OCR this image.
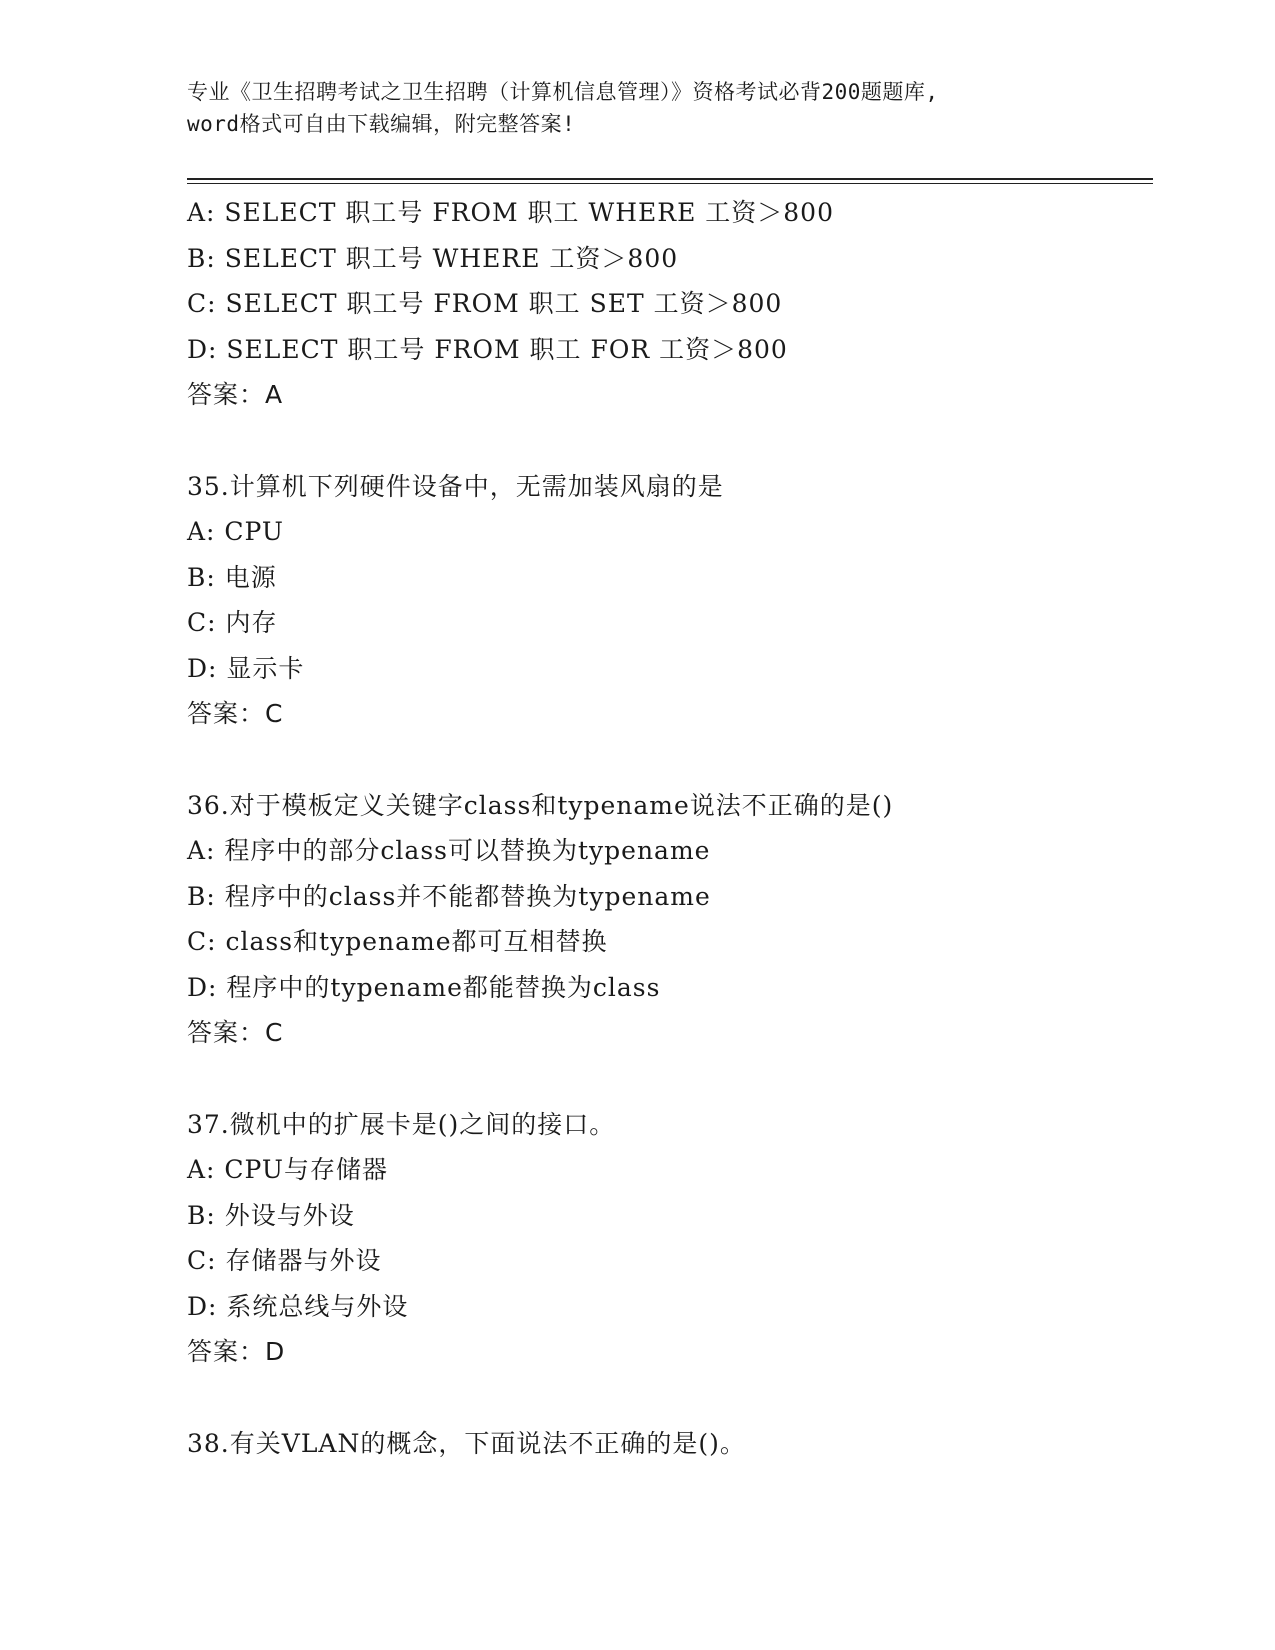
专业《卫生招聘考试之卫生招聘（计算机信息管理）》资格考试必背200题题库,
word格式可自由下载编辑，附完整答案!
A: SELECT 职工号 FROM 职工 WHERE 工资＞800
B: SELECT 职工号 WHERE 工资＞800
C: SELECT 职工号 FROM 职工 SET 工资＞800
D: SELECT 职工号 FROM 职工 FOR 工资＞800
答案：A
35.计算机下列硬件设备中，无需加装风扇的是
A: CPU
B: 电源
C: 内存
D: 显示卡
答案：C
36.对于模板定义关键字class和typename说法不正确的是()
A: 程序中的部分class可以替换为typename
B: 程序中的class并不能都替换为typename
C: class和typename都可互相替换
D: 程序中的typename都能替换为class
答案：C
37.微机中的扩展卡是()之间的接口。
A: CPU与存储器
B: 外设与外设
C: 存储器与外设
D: 系统总线与外设
答案：D
38.有关VLAN的概念，下面说法不正确的是()。
